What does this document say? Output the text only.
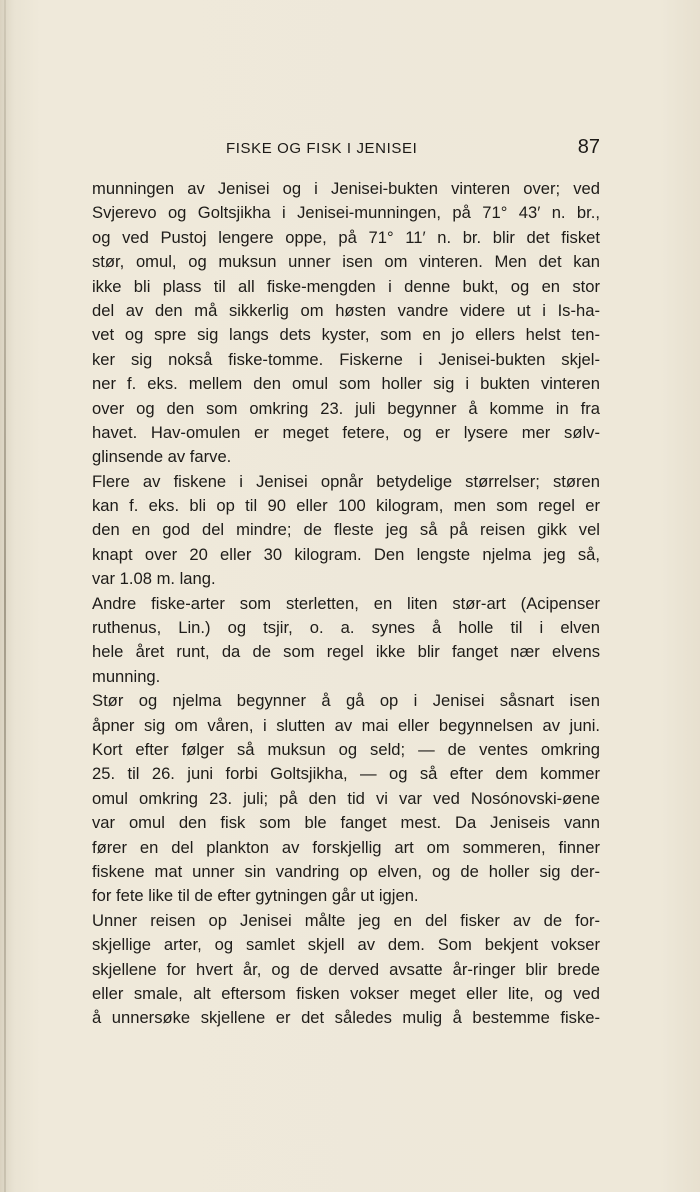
FISKE OG FISK I JENISEI	87
munningen av Jenisei og i Jenisei-bukten vinteren over; ved
Svjerevo og Goltsjikha i Jenisei-munningen, på 71° 43′ n. br.,
og ved Pustoj lengere oppe, på 71° 11′ n. br. blir det fisket
stør, omul, og muksun unner isen om vinteren. Men det kan
ikke bli plass til all fiske-mengden i denne bukt, og en stor
del av den må sikkerlig om høsten vandre videre ut i Is-ha-
vet og spre sig langs dets kyster, som en jo ellers helst ten-
ker sig nokså fiske-tomme. Fiskerne i Jenisei-bukten skjel-
ner f. eks. mellem den omul som holler sig i bukten vinteren
over og den som omkring 23. juli begynner å komme in fra
havet. Hav-omulen er meget fetere, og er lysere mer sølv-
glinsende av farve.
Flere av fiskene i Jenisei opnår betydelige størrelser; støren
kan f. eks. bli op til 90 eller 100 kilogram, men som regel er
den en god del mindre; de fleste jeg så på reisen gikk vel
knapt over 20 eller 30 kilogram. Den lengste njelma jeg så,
var 1.08 m. lang.
Andre fiske-arter som sterletten, en liten stør-art (Acipenser
ruthenus, Lin.) og tsjir, o. a. synes å holle til i elven
hele året runt, da de som regel ikke blir fanget nær elvens
munning.
Stør og njelma begynner å gå op i Jenisei såsnart isen
åpner sig om våren, i slutten av mai eller begynnelsen av juni.
Kort efter følger så muksun og seld; — de ventes omkring
25. til 26. juni forbi Goltsjikha, — og så efter dem kommer
omul omkring 23. juli; på den tid vi var ved Nosónovski-øene
var omul den fisk som ble fanget mest. Da Jeniseis vann
fører en del plankton av forskjellig art om sommeren, finner
fiskene mat unner sin vandring op elven, og de holler sig der-
for fete like til de efter gytningen går ut igjen.
Unner reisen op Jenisei målte jeg en del fisker av de for-
skjellige arter, og samlet skjell av dem. Som bekjent vokser
skjellene for hvert år, og de derved avsatte år-ringer blir brede
eller smale, alt eftersom fisken vokser meget eller lite, og ved
å unnersøke skjellene er det således mulig å bestemme fiske-
